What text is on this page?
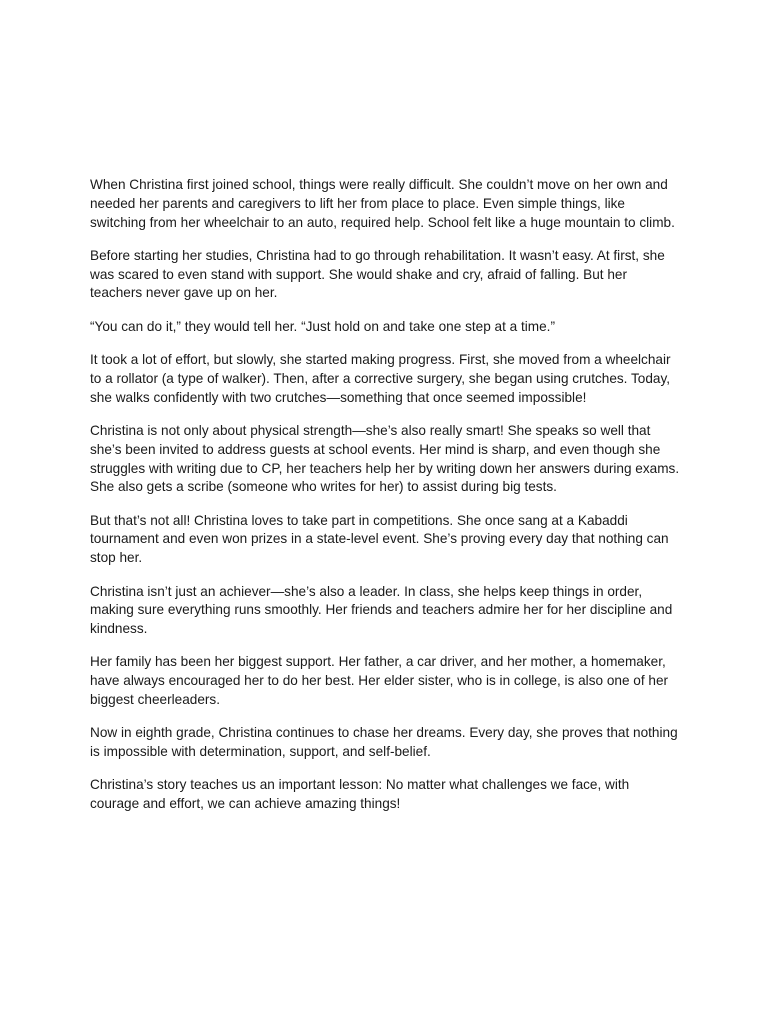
When Christina first joined school, things were really difficult. She couldn’t move on her own and needed her parents and caregivers to lift her from place to place. Even simple things, like switching from her wheelchair to an auto, required help. School felt like a huge mountain to climb.

Before starting her studies, Christina had to go through rehabilitation. It wasn’t easy. At first, she was scared to even stand with support. She would shake and cry, afraid of falling. But her teachers never gave up on her.

“You can do it,” they would tell her. “Just hold on and take one step at a time.”

It took a lot of effort, but slowly, she started making progress. First, she moved from a wheelchair to a rollator (a type of walker). Then, after a corrective surgery, she began using crutches. Today, she walks confidently with two crutches—something that once seemed impossible!

Christina is not only about physical strength—she’s also really smart! She speaks so well that she’s been invited to address guests at school events. Her mind is sharp, and even though she struggles with writing due to CP, her teachers help her by writing down her answers during exams. She also gets a scribe (someone who writes for her) to assist during big tests.

But that’s not all! Christina loves to take part in competitions. She once sang at a Kabaddi tournament and even won prizes in a state-level event. She’s proving every day that nothing can stop her.

Christina isn’t just an achiever—she’s also a leader. In class, she helps keep things in order, making sure everything runs smoothly. Her friends and teachers admire her for her discipline and kindness.

Her family has been her biggest support. Her father, a car driver, and her mother, a homemaker, have always encouraged her to do her best. Her elder sister, who is in college, is also one of her biggest cheerleaders.

Now in eighth grade, Christina continues to chase her dreams. Every day, she proves that nothing is impossible with determination, support, and self-belief.

Christina’s story teaches us an important lesson: No matter what challenges we face, with courage and effort, we can achieve amazing things!
